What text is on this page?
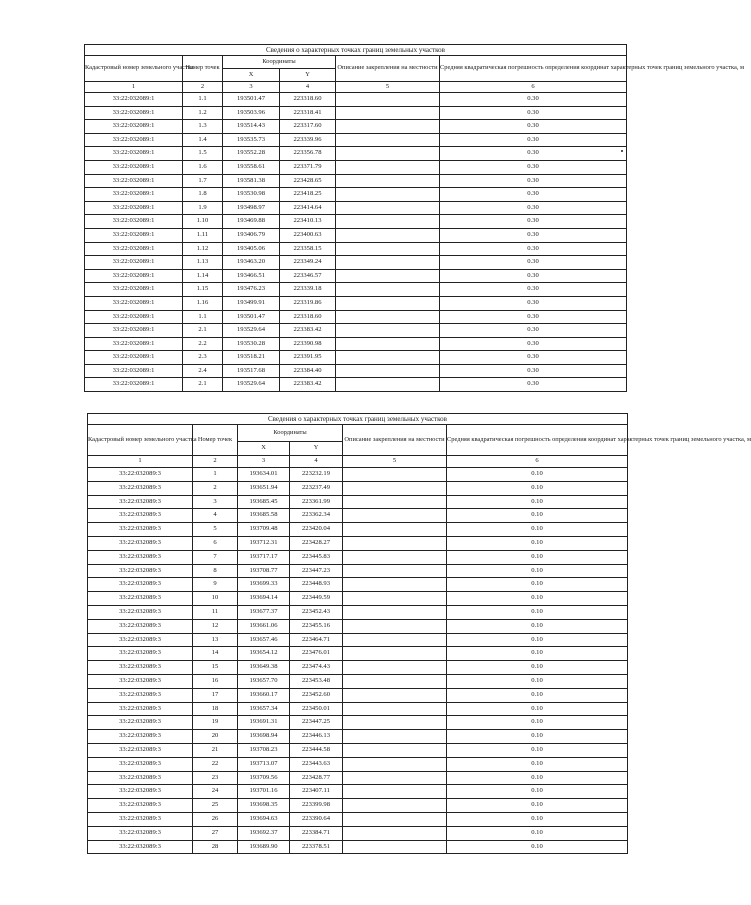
Сведения о характерных точках границ земельных участков					
Кадастровый номер земельного участка	Номер точек	Координаты		Описание закрепления на местности	Средняя квадратическая погрешность определения координат характерных точек границ земельного участка, м
		X	Y		
1	2	3	4	5	6
33:22:032089:1	1.1	193501.47	223318.60		0.30
33:22:032089:1	1.2	193503.96	223318.41		0.30
33:22:032089:1	1.3	193514.43	223317.60		0.30
33:22:032089:1	1.4	193535.73	223339.96		0.30
33:22:032089:1	1.5	193552.28	223356.78		0.30
33:22:032089:1	1.6	193558.61	223371.79		0.30
33:22:032089:1	1.7	193581.38	223428.65		0.30
33:22:032089:1	1.8	193530.98	223418.25		0.30
33:22:032089:1	1.9	193498.97	223414.64		0.30
33:22:032089:1	1.10	193469.88	223410.13		0.30
33:22:032089:1	1.11	193406.79	223400.63		0.30
33:22:032089:1	1.12	193405.06	223358.15		0.30
33:22:032089:1	1.13	193463.20	223349.24		0.30
33:22:032089:1	1.14	193466.51	223346.57		0.30
33:22:032089:1	1.15	193476.23	223339.18		0.30
33:22:032089:1	1.16	193499.91	223319.86		0.30
33:22:032089:1	1.1	193501.47	223318.60		0.30
33:22:032089:1	2.1	193529.64	223383.42		0.30
33:22:032089:1	2.2	193530.28	223390.98		0.30
33:22:032089:1	2.3	193518.21	223391.95		0.30
33:22:032089:1	2.4	193517.68	223384.40		0.30
33:22:032089:1	2.1	193529.64	223383.42		0.30
Сведения о характерных точках границ земельных участков					
Кадастровый номер земельного участка	Номер точек	Координаты		Описание закрепления на местности	Средняя квадратическая погрешность определения координат характерных точек границ земельного участка, м
		X	Y		
1	2	3	4	5	6
33:22:032089:3	1	193634.01	223232.19		0.10
33:22:032089:3	2	193651.94	223237.49		0.10
33:22:032089:3	3	193685.45	223361.99		0.10
33:22:032089:3	4	193685.58	223362.34		0.10
33:22:032089:3	5	193709.48	223420.04		0.10
33:22:032089:3	6	193712.31	223428.27		0.10
33:22:032089:3	7	193717.17	223445.83		0.10
33:22:032089:3	8	193708.77	223447.23		0.10
33:22:032089:3	9	193699.33	223448.93		0.10
33:22:032089:3	10	193694.14	223449.59		0.10
33:22:032089:3	11	193677.37	223452.43		0.10
33:22:032089:3	12	193661.06	223455.16		0.10
33:22:032089:3	13	193657.46	223464.71		0.10
33:22:032089:3	14	193654.12	223476.01		0.10
33:22:032089:3	15	193649.38	223474.43		0.10
33:22:032089:3	16	193657.70	223453.48		0.10
33:22:032089:3	17	193660.17	223452.60		0.10
33:22:032089:3	18	193657.34	223450.01		0.10
33:22:032089:3	19	193691.31	223447.25		0.10
33:22:032089:3	20	193698.94	223446.13		0.10
33:22:032089:3	21	193708.23	223444.58		0.10
33:22:032089:3	22	193713.07	223443.63		0.10
33:22:032089:3	23	193709.56	223428.77		0.10
33:22:032089:3	24	193701.16	223407.11		0.10
33:22:032089:3	25	193698.35	223399.98		0.10
33:22:032089:3	26	193694.63	223390.64		0.10
33:22:032089:3	27	193692.37	223384.71		0.10
33:22:032089:3	28	193689.90	223378.51		0.10
